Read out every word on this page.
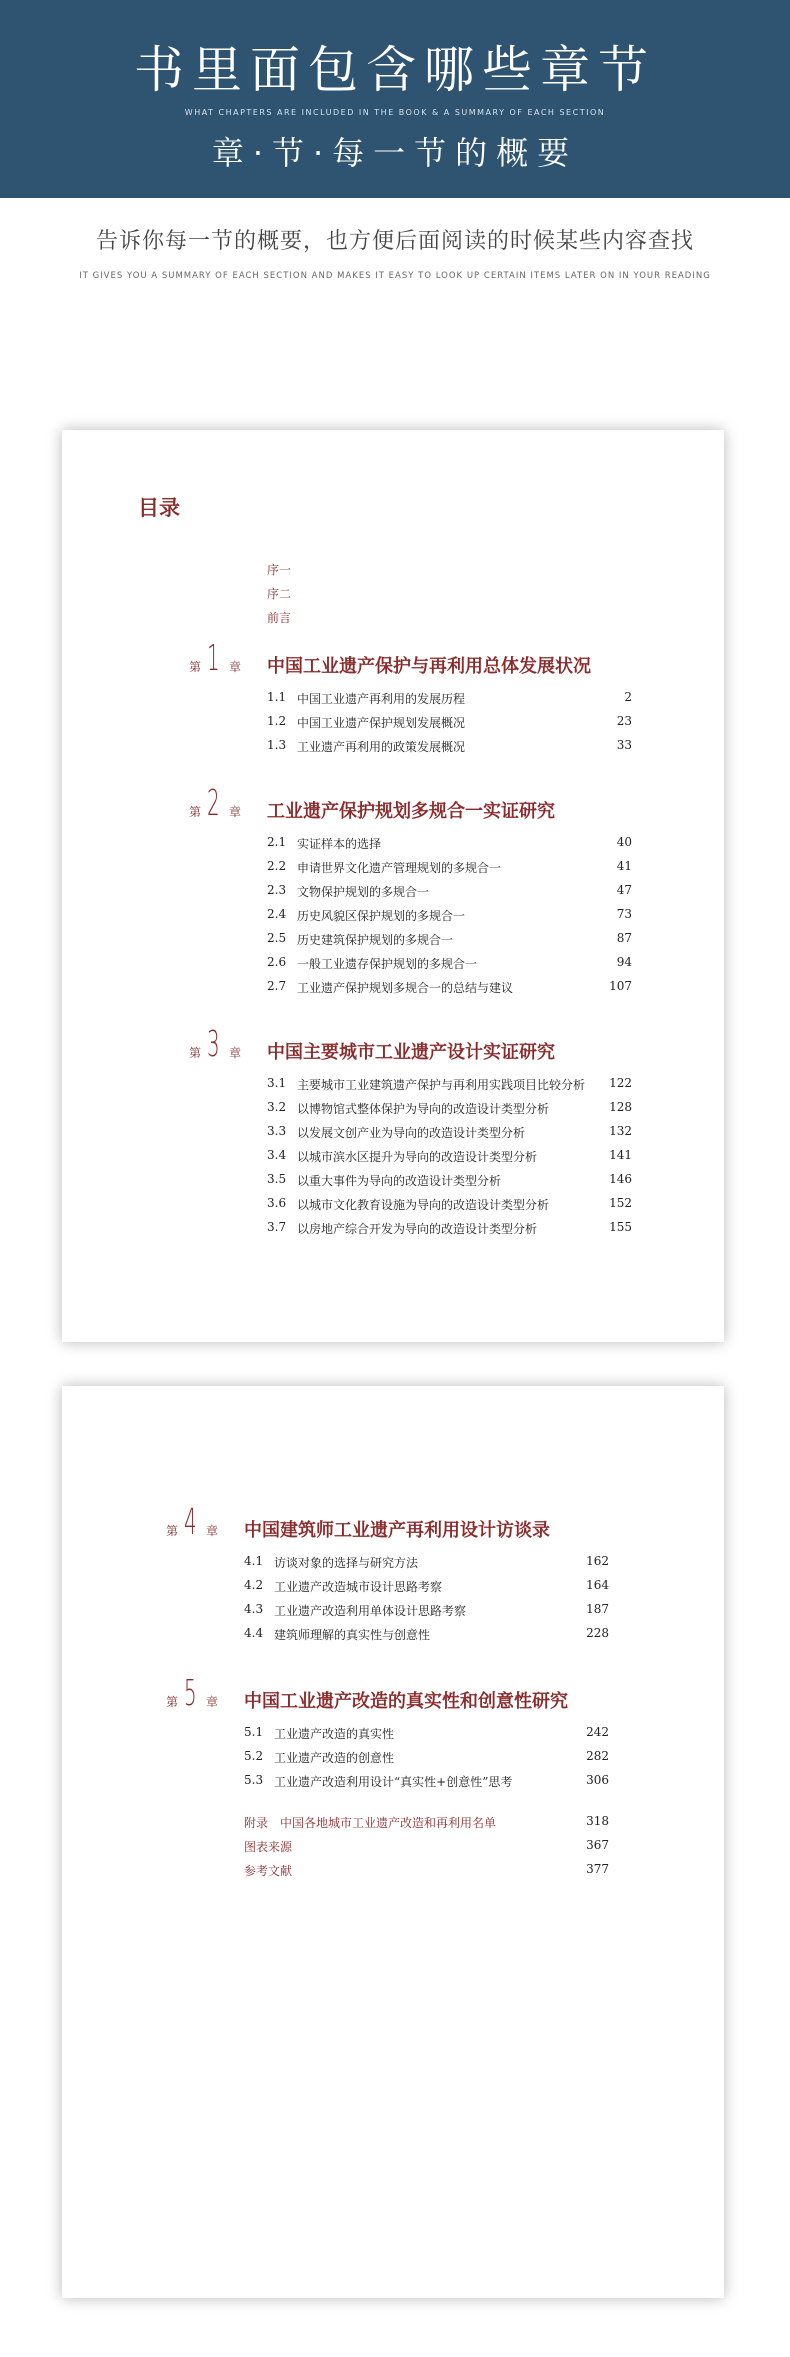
书里面包含哪些章节
WHAT CHAPTERS ARE INCLUDED IN THE BOOK & A SUMMARY OF EACH SECTION
章·节·每一节的概要
告诉你每一节的概要，也方便后面阅读的时候某些内容查找
IT GIVES YOU A SUMMARY OF EACH SECTION AND MAKES IT EASY TO LOOK UP CERTAIN ITEMS LATER ON IN YOUR READING
目录
序一
序二
前言
第 1 章 中国工业遗产保护与再利用总体发展状况
1.1 中国工业遗产再利用的发展历程	2
1.2 中国工业遗产保护规划发展概况	23
1.3 工业遗产再利用的政策发展概况	33
第 2 章 工业遗产保护规划多规合一实证研究
2.1 实证样本的选择	40
2.2 申请世界文化遗产管理规划的多规合一	41
2.3 文物保护规划的多规合一	47
2.4 历史风貌区保护规划的多规合一	73
2.5 历史建筑保护规划的多规合一	87
2.6 一般工业遗存保护规划的多规合一	94
2.7 工业遗产保护规划多规合一的总结与建议	107
第 3 章 中国主要城市工业遗产设计实证研究
3.1 主要城市工业建筑遗产保护与再利用实践项目比较分析 122
3.2 以博物馆式整体保护为导向的改造设计类型分析	128
3.3 以发展文创产业为导向的改造设计类型分析	132
3.4 以城市滨水区提升为导向的改造设计类型分析	141
3.5 以重大事件为导向的改造设计类型分析	146
3.6 以城市文化教育设施为导向的改造设计类型分析	152
3.7 以房地产综合开发为导向的改造设计类型分析	155
第 4 章 中国建筑师工业遗产再利用设计访谈录
4.1 访谈对象的选择与研究方法	162
4.2 工业遗产改造城市设计思路考察	164
4.3 工业遗产改造利用单体设计思路考察	187
4.4 建筑师理解的真实性与创意性	228
第 5 章 中国工业遗产改造的真实性和创意性研究
5.1 工业遗产改造的真实性	242
5.2 工业遗产改造的创意性	282
5.3 工业遗产改造利用设计“真实性+创意性”思考	306
附录　中国各地城市工业遗产改造和再利用名单	318
图表来源	367
参考文献	377
